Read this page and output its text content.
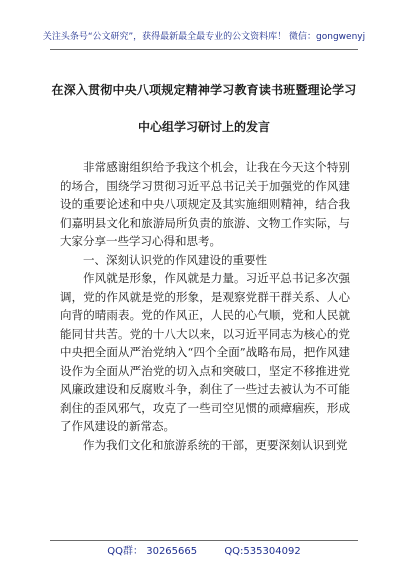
关注头条号“公文研究”，获得最新最全最专业的公文资料库！ 微信：gongwenyj
在深入贯彻中央八项规定精神学习教育读书班暨理论学习
中心组学习研讨上的发言

非常感谢组织给予我这个机会，让我在今天这个特别的场合，围绕学习贯彻习近平总书记关于加强党的作风建设的重要论述和中央八项规定及其实施细则精神，结合我们嘉明县文化和旅游局所负责的旅游、文物工作实际，与大家分享一些学习心得和思考。

一、深刻认识党的作风建设的重要性

作风就是形象，作风就是力量。习近平总书记多次强调，党的作风就是党的形象，是观察党群干群关系、人心向背的晴雨表。党的作风正，人民的心气顺，党和人民就能同甘共苦。党的十八大以来，以习近平同志为核心的党中央把全面从严治党纳入“四个全面”战略布局，把作风建设作为全面从严治党的切入点和突破口，坚定不移推进党风廉政建设和反腐败斗争，刹住了一些过去被认为不可能刹住的歪风邪气，攻克了一些司空见惯的顽瘴痼疾，形成了作风建设的新常态。

作为我们文化和旅游系统的干部，更要深刻认识到党

QQ群： 30265665	QQ:535304092
